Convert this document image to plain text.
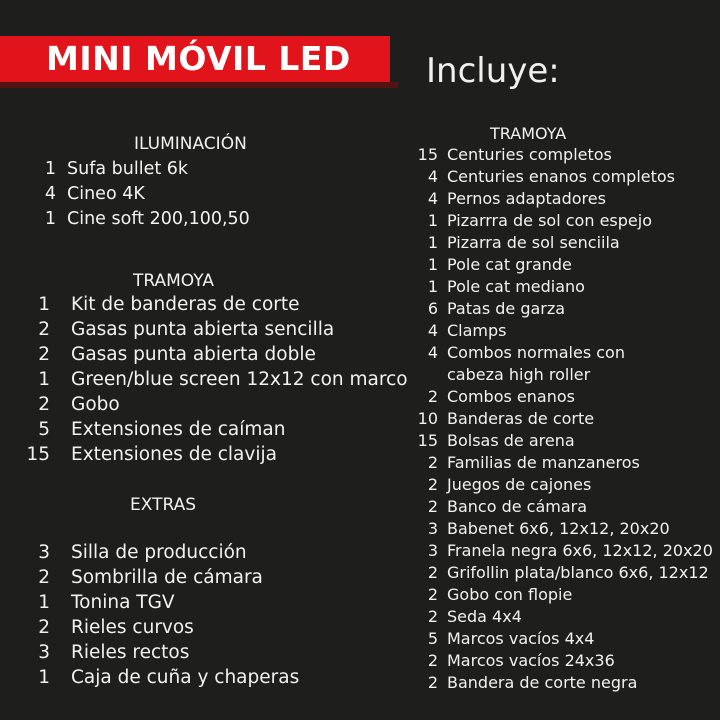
MINI MÓVIL LED Incluye:
ILUMINACIÓN
1 Sufa bullet 6k
4 Cineo 4K
1 Cine soft 200,100,50
TRAMOYA
1 Kit de banderas de corte
2 Gasas punta abierta sencilla
2 Gasas punta abierta doble
1 Green/blue screen 12x12 con marco
2 Gobo
5 Extensiones de caíman
15 Extensiones de clavija
EXTRAS
3 Silla de producción
2 Sombrilla de cámara
1 Tonina TGV
2 Rieles curvos
3 Rieles rectos
1 Caja de cuña y chaperas
TRAMOYA
15 Centuries completos
4 Centuries enanos completos
4 Pernos adaptadores
1 Pizarrra de sol con espejo
1 Pizarra de sol senciila
1 Pole cat grande
1 Pole cat mediano
6 Patas de garza
4 Clamps
4 Combos normales con
cabeza high roller
2 Combos enanos
10 Banderas de corte
15 Bolsas de arena
2 Familias de manzaneros
2 Juegos de cajones
2 Banco de cámara
3 Babenet 6x6, 12x12, 20x20
3 Franela negra 6x6, 12x12, 20x20
2 Grifollin plata/blanco 6x6, 12x12
2 Gobo con flopie
2 Seda 4x4
5 Marcos vacíos 4x4
2 Marcos vacíos 24x36
2 Bandera de corte negra
